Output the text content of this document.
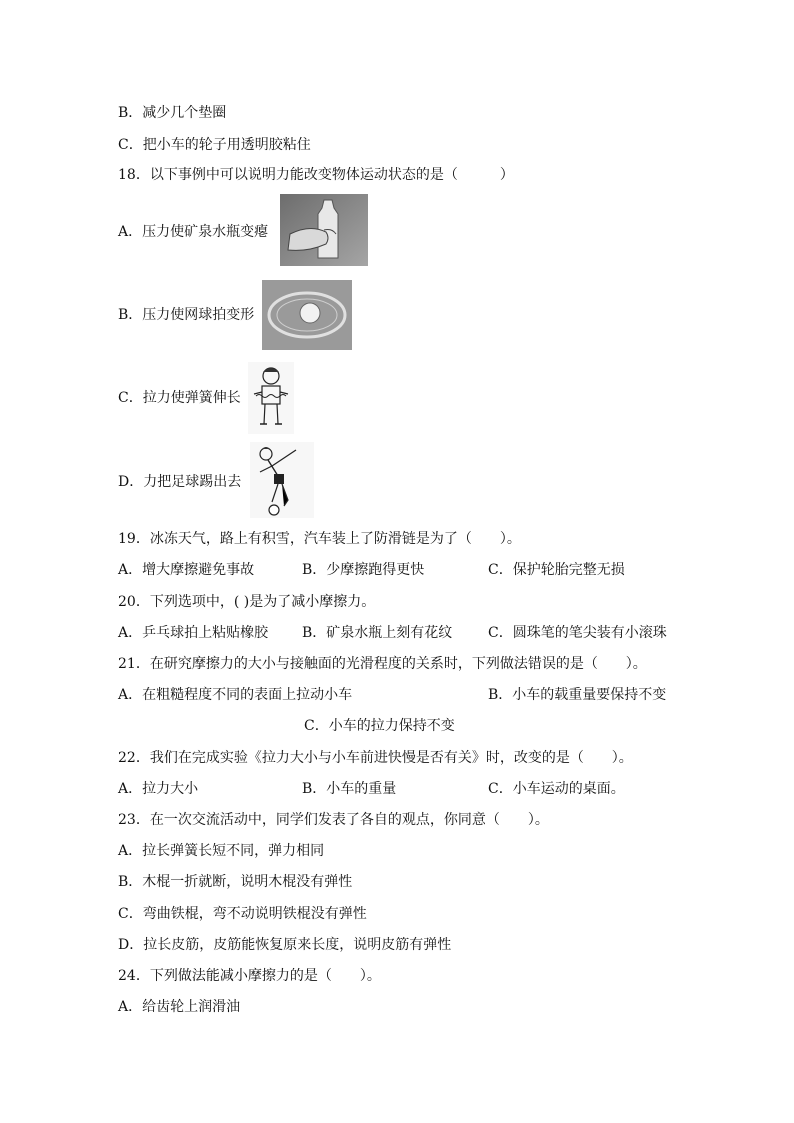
B．减少几个垫圈
C．把小车的轮子用透明胶粘住
18．以下事例中可以说明力能改变物体运动状态的是（　　　）
A．压力使矿泉水瓶变瘪
B．压力使网球拍变形
C．拉力使弹簧伸长
D．力把足球踢出去
19．冰冻天气，路上有积雪，汽车装上了防滑链是为了（　　）。
A．增大摩擦避免事故	B．少摩擦跑得更快	C．保护轮胎完整无损
20．下列选项中，( )是为了减小摩擦力。
A．乒乓球拍上粘贴橡胶 B．矿泉水瓶上刻有花纹	C．圆珠笔的笔尖装有小滚珠
21．在研究摩擦力的大小与接触面的光滑程度的关系时，下列做法错误的是（　　）。
A．在粗糙程度不同的表面上拉动小车	B．小车的载重量要保持不变
C．小车的拉力保持不变
22．我们在完成实验《拉力大小与小车前进快慢是否有关》时，改变的是（　　）。
A．拉力大小	B．小车的重量	C．小车运动的桌面。
23．在一次交流活动中，同学们发表了各自的观点，你同意（　　）。
A．拉长弹簧长短不同，弹力相同
B．木棍一折就断，说明木棍没有弹性
C．弯曲铁棍，弯不动说明铁棍没有弹性
D．拉长皮筋，皮筋能恢复原来长度，说明皮筋有弹性
24．下列做法能减小摩擦力的是（　　）。
A．给齿轮上润滑油
